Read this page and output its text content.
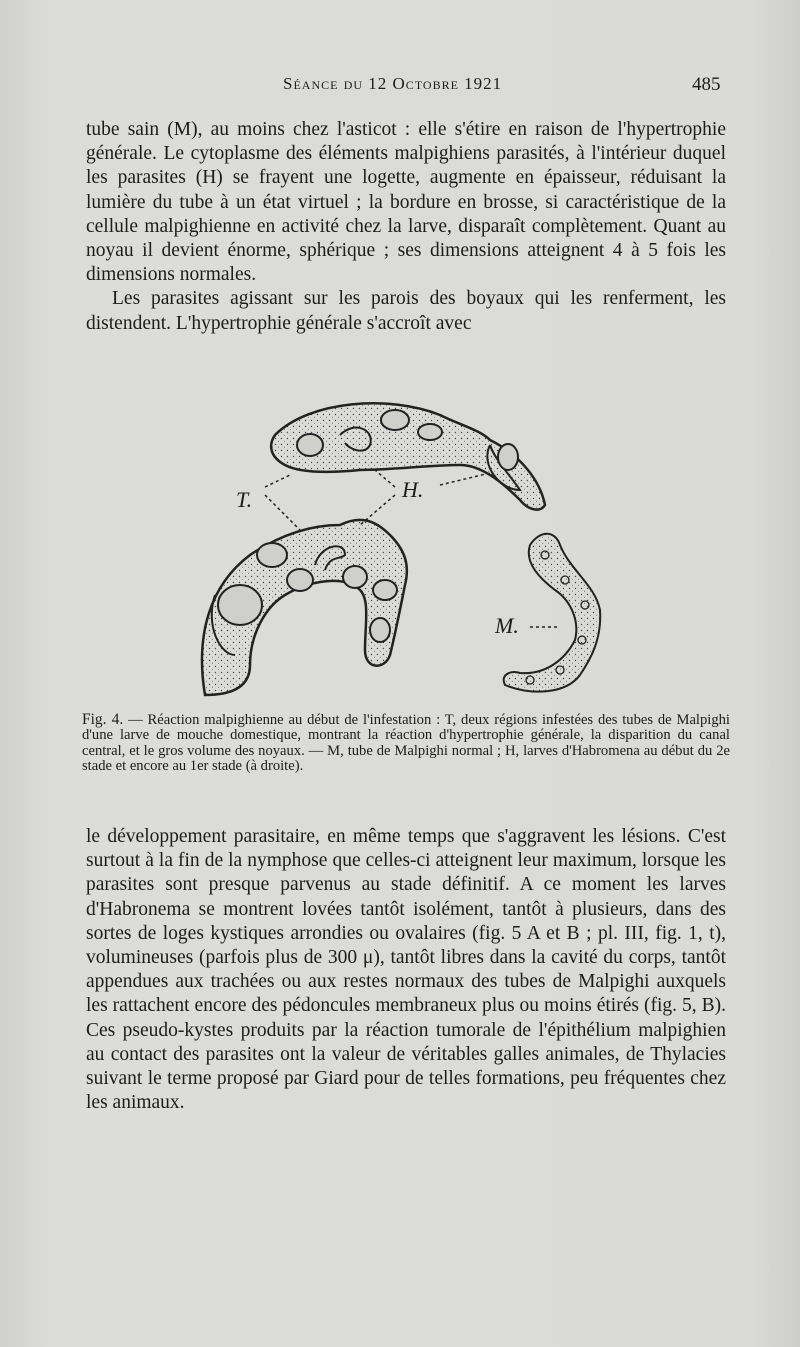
Séance du 12 Octobre 1921	485

tube sain (M), au moins chez l'asticot : elle s'étire en raison de l'hypertrophie générale. Le cytoplasme des éléments malpighiens parasités, à l'intérieur duquel les parasites (H) se frayent une logette, augmente en épaisseur, réduisant la lumière du tube à un état virtuel ; la bordure en brosse, si caractéristique de la cellule malpighienne en activité chez la larve, disparaît complètement. Quant au noyau il devient énorme, sphérique ; ses dimensions atteignent 4 à 5 fois les dimensions normales.

Les parasites agissant sur les parois des boyaux qui les renferment, les distendent. L'hypertrophie générale s'accroît avec

T.	H.
M.

Fig. 4. — Réaction malpighienne au début de l'infestation : T, deux régions infestées des tubes de Malpighi d'une larve de mouche domestique, montrant la réaction d'hypertrophie générale, la disparition du canal central, et le gros volume des noyaux. — M, tube de Malpighi normal ; H, larves d'Habromena au début du 2e stade et encore au 1er stade (à droite).

le développement parasitaire, en même temps que s'aggravent les lésions. C'est surtout à la fin de la nymphose que celles-ci atteignent leur maximum, lorsque les parasites sont presque parvenus au stade définitif. A ce moment les larves d'Habronema se montrent lovées tantôt isolément, tantôt à plusieurs, dans des sortes de loges kystiques arrondies ou ovalaires (fig. 5 A et B ; pl. III, fig. 1, t), volumineuses (parfois plus de 300 μ), tantôt libres dans la cavité du corps, tantôt appendues aux trachées ou aux restes normaux des tubes de Malpighi auxquels les rattachent encore des pédoncules membraneux plus ou moins étirés (fig. 5, B). Ces pseudo-kystes produits par la réaction tumorale de l'épithélium malpighien au contact des parasites ont la valeur de véritables galles animales, de Thylacies suivant le terme proposé par Giard pour de telles formations, peu fréquentes chez les animaux.
